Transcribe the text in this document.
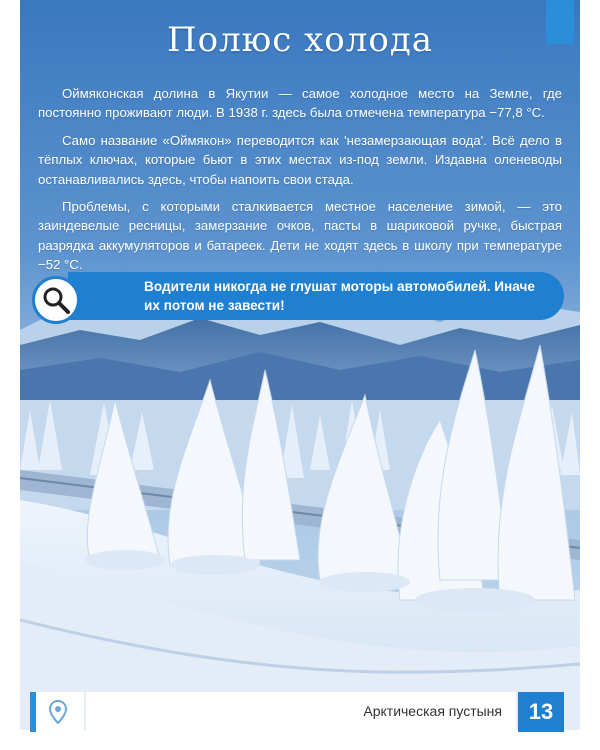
Полюс холода

Оймяконская долина в Якутии — самое холодное место на Земле, где постоянно проживают люди. В 1938 г. здесь была отмечена температура −77,8 °С.

Само название «Оймякон» переводится как 'незамерзающая вода'. Всё дело в тёплых ключах, которые бьют в этих местах из-под земли. Издавна оленеводы останавливались здесь, чтобы напоить свои стада.

Проблемы, с которыми сталкивается местное население зимой, — это заиндевелые ресницы, замерзание очков, пасты в шариковой ручке, быстрая разрядка аккумуляторов и батареек. Дети не ходят здесь в школу при температуре −52 °С.

Водители никогда не глушат моторы автомобилей. Иначе их потом не завести!
Арктическая пустыня	13
